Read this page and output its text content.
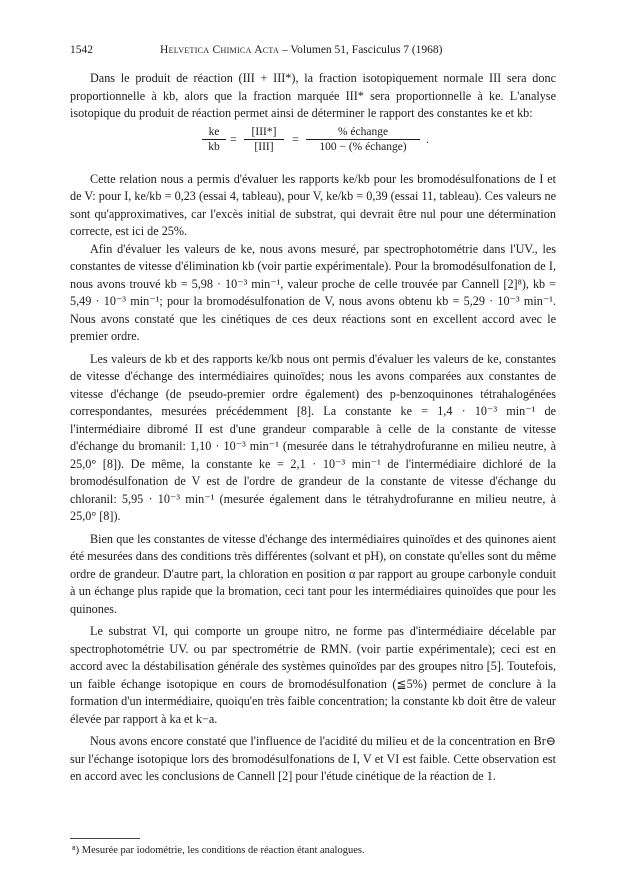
1542	Helvetica Chimica Acta – Volumen 51, Fasciculus 7 (1968)

Dans le produit de réaction (III + III*), la fraction isotopiquement normale III sera donc proportionnelle à kb, alors que la fraction marquée III* sera proportionnelle à ke. L'analyse isotopique du produit de réaction permet ainsi de déterminer le rapport des constantes ke et kb:

$\frac{ke}{kb}$ =	[III*]
[III]
=	% échange
100 − (% échange)
.

Cette relation nous a permis d'évaluer les rapports ke/kb pour les bromodésulfonations de I et de V: pour I, ke/kb = 0,23 (essai 4, tableau), pour V, ke/kb = 0,39 (essai 11, tableau). Ces valeurs ne sont qu'approximatives, car l'excès initial de substrat, qui devrait être nul pour une détermination correcte, est ici de 25%.

Afin d'évaluer les valeurs de ke, nous avons mesuré, par spectrophotométrie dans l'UV., les constantes de vitesse d'élimination kb (voir partie expérimentale). Pour la bromodésulfonation de I, nous avons trouvé kb = 5,98 · 10⁻³ min⁻¹, valeur proche de celle trouvée par Cannell [2]⁸), kb = 5,49 · 10⁻³ min⁻¹; pour la bromodésulfonation de V, nous avons obtenu kb = 5,29 · 10⁻³ min⁻¹. Nous avons constaté que les cinétiques de ces deux réactions sont en excellent accord avec le premier ordre.

Les valeurs de kb et des rapports ke/kb nous ont permis d'évaluer les valeurs de ke, constantes de vitesse d'échange des intermédiaires quinoïdes; nous les avons comparées aux constantes de vitesse d'échange (de pseudo-premier ordre également) des p-benzoquinones tétrahalogénées correspondantes, mesurées précédemment [8]. La constante ke = 1,4 · 10⁻³ min⁻¹ de l'intermédiaire dibromé II est d'une grandeur comparable à celle de la constante de vitesse d'échange du bromanil: 1,10 · 10⁻³ min⁻¹ (mesurée dans le tétrahydrofuranne en milieu neutre, à 25,0° [8]). De même, la constante ke = 2,1 · 10⁻³ min⁻¹ de l'intermédiaire dichloré de la bromodésulfonation de V est de l'ordre de grandeur de la constante de vitesse d'échange du chloranil: 5,95 · 10⁻³ min⁻¹ (mesurée également dans le tétrahydrofuranne en milieu neutre, à 25,0° [8]).

Bien que les constantes de vitesse d'échange des intermédiaires quinoïdes et des quinones aient été mesurées dans des conditions très différentes (solvant et pH), on constate qu'elles sont du même ordre de grandeur. D'autre part, la chloration en position α par rapport au groupe carbonyle conduit à un échange plus rapide que la bromation, ceci tant pour les intermédiaires quinoïdes que pour les quinones.

Le substrat VI, qui comporte un groupe nitro, ne forme pas d'intermédiaire décelable par spectrophotométrie UV. ou par spectrométrie de RMN. (voir partie expérimentale); ceci est en accord avec la déstabilisation générale des systèmes quinoïdes par des groupes nitro [5]. Toutefois, un faible échange isotopique en cours de bromodésulfonation (≦5%) permet de conclure à la formation d'un intermédiaire, quoiqu'en très faible concentration; la constante kb doit être de valeur élevée par rapport à ka et k−a.

Nous avons encore constaté que l'influence de l'acidité du milieu et de la concentration en Br⊖ sur l'échange isotopique lors des bromodésulfonations de I, V et VI est faible. Cette observation est en accord avec les conclusions de Cannell [2] pour l'étude cinétique de la réaction de 1.

⁸) Mesurée par iodométrie, les conditions de réaction étant analogues.
